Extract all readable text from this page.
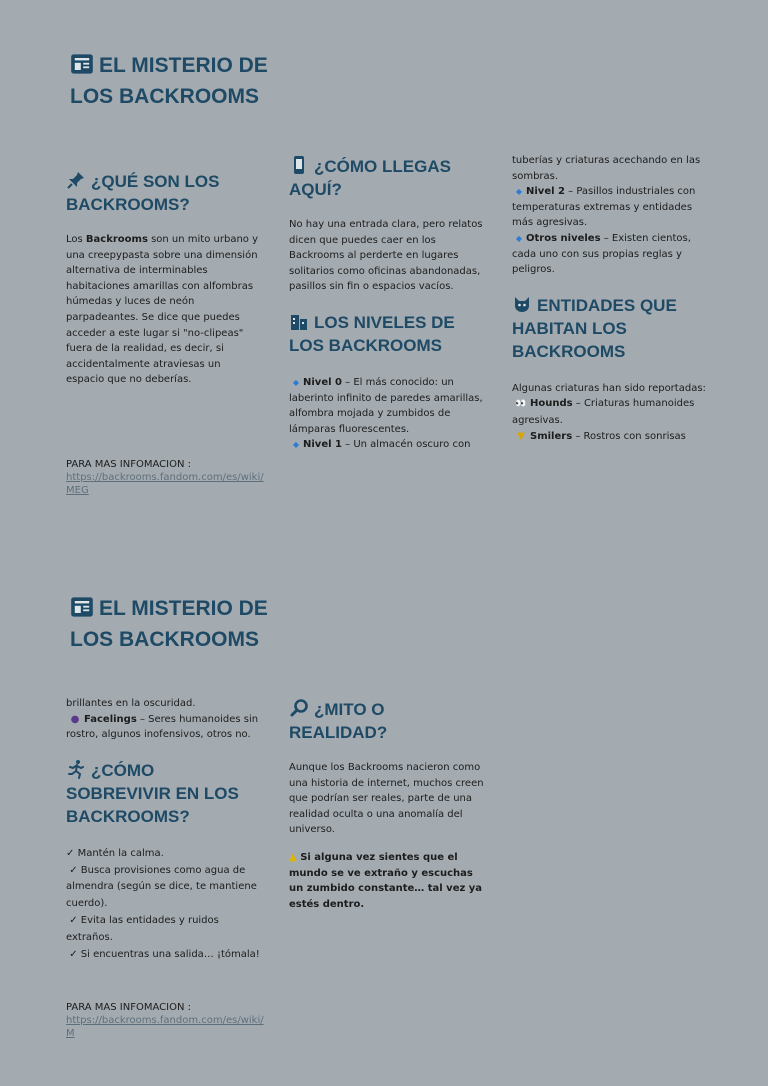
EL MISTERIO DE LOS BACKROOMS
¿QUÉ SON LOS BACKROOMS?

Los Backrooms son un mito urbano y una creepypasta sobre una dimensión alternativa de interminables habitaciones amarillas con alfombras húmedas y luces de neón parpadeantes. Se dice que puedes acceder a este lugar si "no-clipeas" fuera de la realidad, es decir, si accidentalmente atraviesas un espacio que no deberías.

PARA MAS INFOMACION :
https://backrooms.fandom.com/es/wiki/MEG
¿CÓMO LLEGAS AQUÍ?

No hay una entrada clara, pero relatos dicen que puedes caer en los Backrooms al perderte en lugares solitarios como oficinas abandonadas, pasillos sin fin o espacios vacíos.

LOS NIVELES DE LOS BACKROOMS

◆ Nivel 0 – El más conocido: un laberinto infinito de paredes amarillas, alfombra mojada y zumbidos de lámparas fluorescentes.
◆ Nivel 1 – Un almacén oscuro con

tuberías y criaturas acechando en las sombras.
◆ Nivel 2 – Pasillos industriales con temperaturas extremas y entidades más agresivas.
◆ Otros niveles – Existen cientos, cada uno con sus propias reglas y peligros.

ENTIDADES QUE HABITAN LOS BACKROOMS

Algunas criaturas han sido reportadas:
👀 Hounds – Criaturas humanoides agresivas.
▼ Smilers – Rostros con sonrisas

EL MISTERIO DE LOS BACKROOMS

brillantes en la oscuridad.
● Facelings – Seres humanoides sin rostro, algunos inofensivos, otros no.

¿CÓMO SOBREVIVIR EN LOS BACKROOMS?

✓ Mantén la calma.
✓ Busca provisiones como agua de almendra (según se dice, te mantiene cuerdo).
✓ Evita las entidades y ruidos extraños.
✓ Si encuentras una salida… ¡tómala!

PARA MAS INFOMACION :
https://backrooms.fandom.com/es/wiki/M
¿MITO O REALIDAD?

Aunque los Backrooms nacieron como una historia de internet, muchos creen que podrían ser reales, parte de una realidad oculta o una anomalía del universo.

▲ Si alguna vez sientes que el mundo se ve extraño y escuchas un zumbido constante… tal vez ya estés dentro.
